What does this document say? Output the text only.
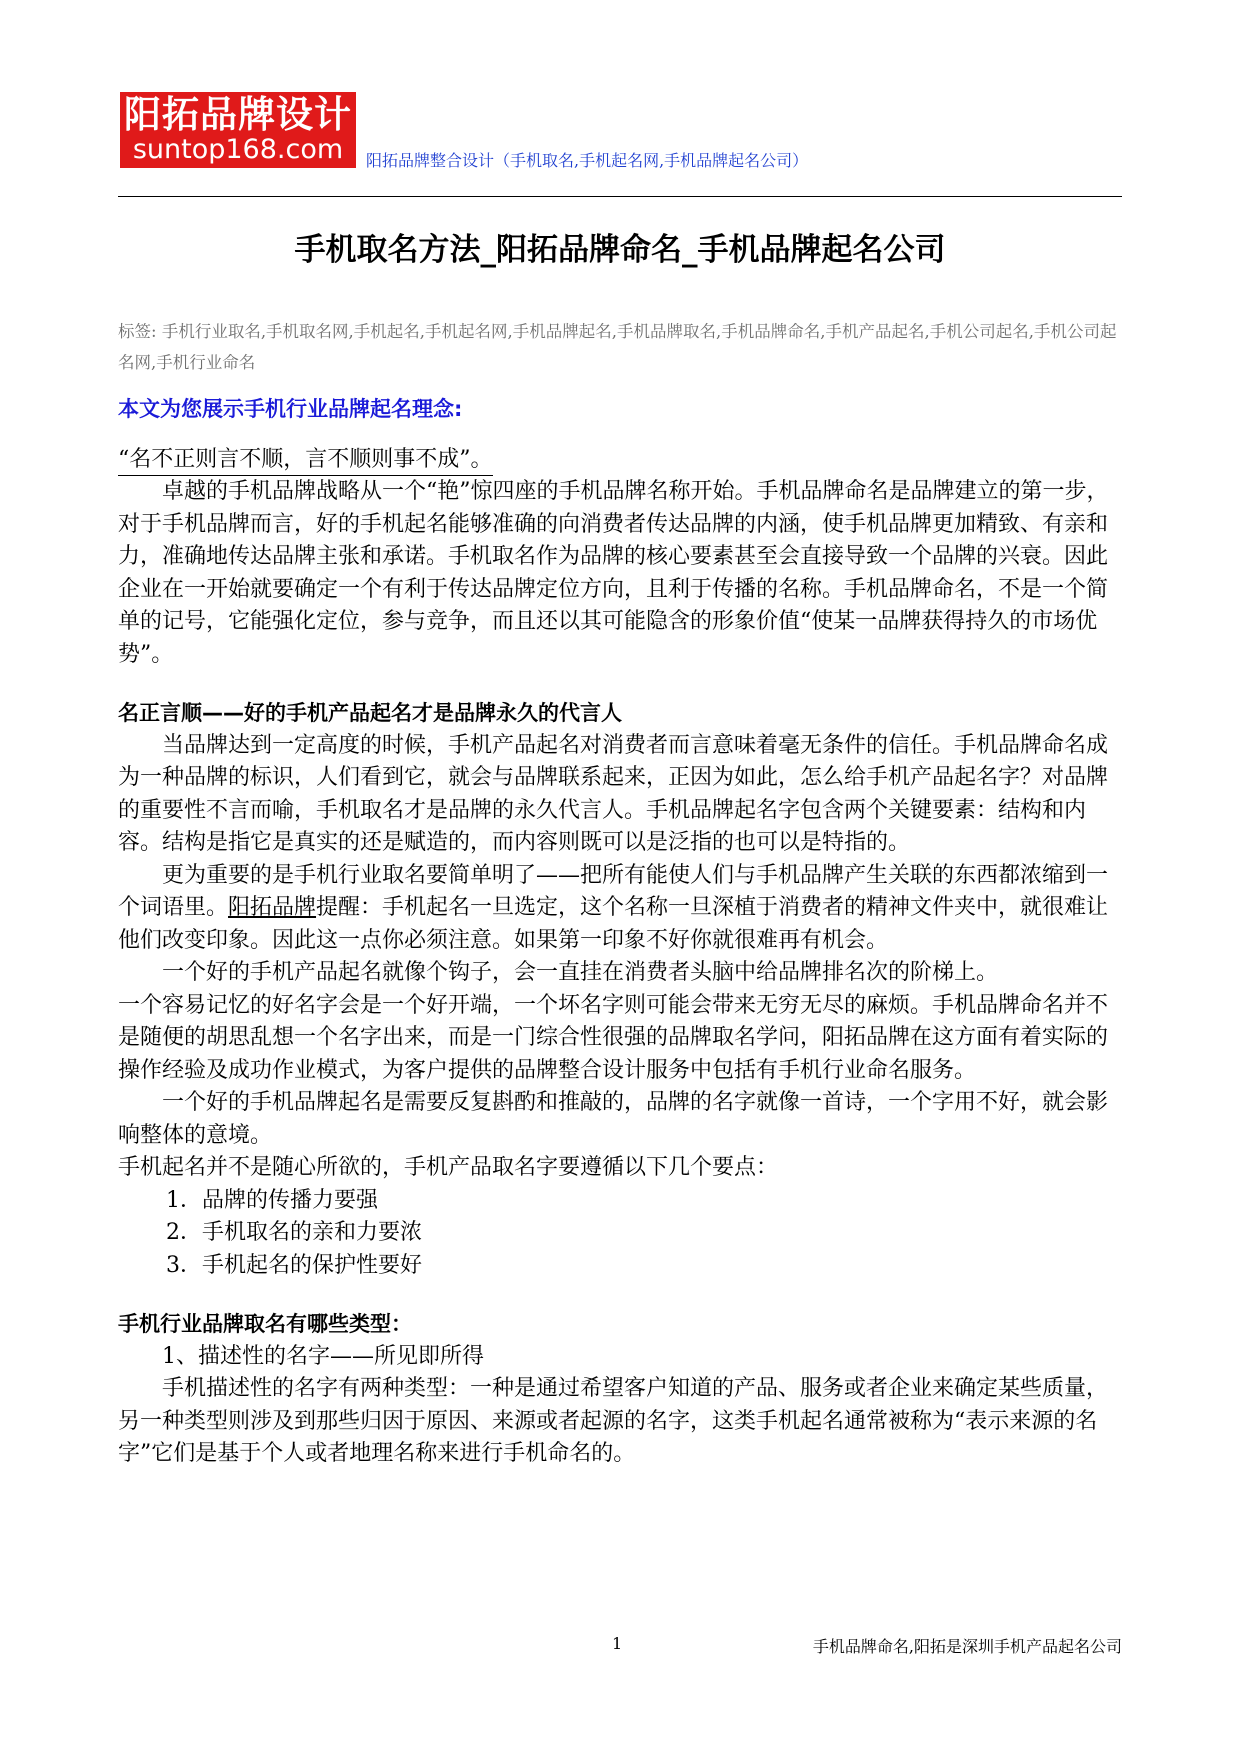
阳拓品牌设计
suntop168.com	阳拓品牌整合设计（手机取名,手机起名网,手机品牌起名公司）
手机取名方法_阳拓品牌命名_手机品牌起名公司
标签: 手机行业取名,手机取名网,手机起名,手机起名网,手机品牌起名,手机品牌取名,手机品牌命名,手机产品起名,手机公司起名,手机公司起名网,手机行业命名

本文为您展示手机行业品牌起名理念:

“名不正则言不顺，言不顺则事不成”。

卓越的手机品牌战略从一个“艳”惊四座的手机品牌名称开始。手机品牌命名是品牌建立的第一步，对于手机品牌而言，好的手机起名能够准确的向消费者传达品牌的内涵，使手机品牌更加精致、有亲和力，准确地传达品牌主张和承诺。手机取名作为品牌的核心要素甚至会直接导致一个品牌的兴衰。因此企业在一开始就要确定一个有利于传达品牌定位方向，且利于传播的名称。手机品牌命名，不是一个简单的记号，它能强化定位，参与竞争，而且还以其可能隐含的形象价值“使某一品牌获得持久的市场优势”。

名正言顺——好的手机产品起名才是品牌永久的代言人

当品牌达到一定高度的时候，手机产品起名对消费者而言意味着毫无条件的信任。手机品牌命名成为一种品牌的标识，人们看到它，就会与品牌联系起来，正因为如此，怎么给手机产品起名字？对品牌的重要性不言而喻，手机取名才是品牌的永久代言人。手机品牌起名字包含两个关键要素：结构和内容。结构是指它是真实的还是赋造的，而内容则既可以是泛指的也可以是特指的。

更为重要的是手机行业取名要简单明了——把所有能使人们与手机品牌产生关联的东西都浓缩到一个词语里。阳拓品牌提醒：手机起名一旦选定，这个名称一旦深植于消费者的精神文件夹中，就很难让他们改变印象。因此这一点你必须注意。如果第一印象不好你就很难再有机会。

一个好的手机产品起名就像个钩子，会一直挂在消费者头脑中给品牌排名次的阶梯上。

一个容易记忆的好名字会是一个好开端，一个坏名字则可能会带来无穷无尽的麻烦。手机品牌命名并不是随便的胡思乱想一个名字出来，而是一门综合性很强的品牌取名学问，阳拓品牌在这方面有着实际的操作经验及成功作业模式，为客户提供的品牌整合设计服务中包括有手机行业命名服务。

一个好的手机品牌起名是需要反复斟酌和推敲的，品牌的名字就像一首诗，一个字用不好，就会影响整体的意境。

手机起名并不是随心所欲的，手机产品取名字要遵循以下几个要点：

1．品牌的传播力要强

2．手机取名的亲和力要浓

3．手机起名的保护性要好

手机行业品牌取名有哪些类型：

1、描述性的名字——所见即所得

手机描述性的名字有两种类型：一种是通过希望客户知道的产品、服务或者企业来确定某些质量，另一种类型则涉及到那些归因于原因、来源或者起源的名字，这类手机起名通常被称为“表示来源的名字”它们是基于个人或者地理名称来进行手机命名的。

1	手机品牌命名,阳拓是深圳手机产品起名公司
